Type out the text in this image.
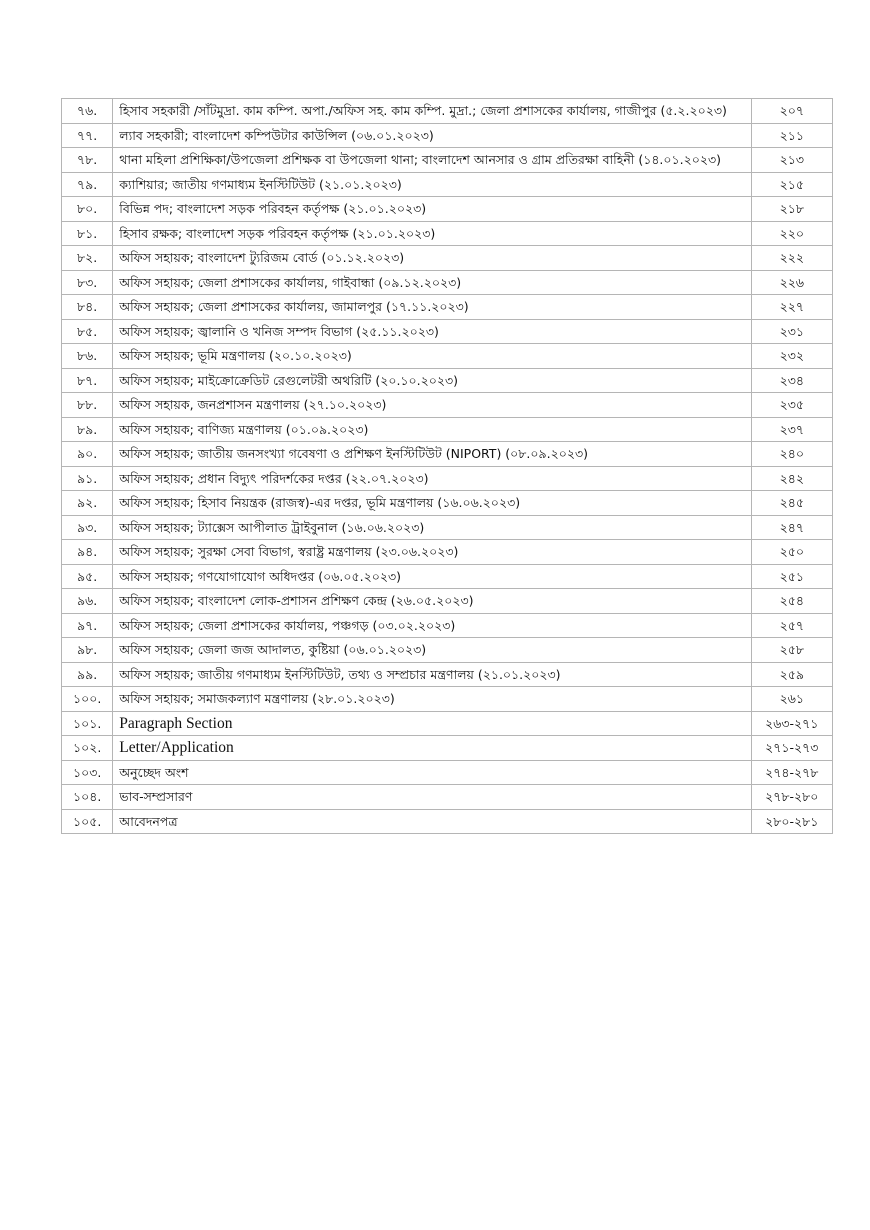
৭৬.	হিসাব সহকারী /সাঁটমুদ্রা. কাম কম্পি. অপা./অফিস সহ. কাম কম্পি. মুদ্রা.; জেলা প্রশাসকের কার্যালয়, গাজীপুর (৫.২.২০২৩)	২০৭
৭৭.	ল্যাব সহকারী; বাংলাদেশ কম্পিউটার কাউন্সিল (০৬.০১.২০২৩)	২১১
৭৮.	থানা মহিলা প্রশিক্ষিকা/উপজেলা প্রশিক্ষক বা উপজেলা থানা; বাংলাদেশ আনসার ও গ্রাম প্রতিরক্ষা বাহিনী (১৪.০১.২০২৩)	২১৩
৭৯.	ক্যাশিয়ার; জাতীয় গণমাধ্যম ইনস্টিটিউট (২১.০১.২০২৩)	২১৫
৮০.	বিভিন্ন পদ; বাংলাদেশ সড়ক পরিবহন কর্তৃপক্ষ (২১.০১.২০২৩)	২১৮
৮১.	হিসাব রক্ষক; বাংলাদেশ সড়ক পরিবহন কর্তৃপক্ষ (২১.০১.২০২৩)	২২০
৮২.	অফিস সহায়ক; বাংলাদেশ ট্যুরিজম বোর্ড (০১.১২.২০২৩)	২২২
৮৩.	অফিস সহায়ক; জেলা প্রশাসকের কার্যালয়, গাইবান্ধা (০৯.১২.২০২৩)	২২৬
৮৪.	অফিস সহায়ক; জেলা প্রশাসকের কার্যালয়, জামালপুর (১৭.১১.২০২৩)	২২৭
৮৫.	অফিস সহায়ক; জ্বালানি ও খনিজ সম্পদ বিভাগ (২৫.১১.২০২৩)	২৩১
৮৬.	অফিস সহায়ক; ভূমি মন্ত্রণালয় (২০.১০.২০২৩)	২৩২
৮৭.	অফিস সহায়ক; মাইক্রোক্রেডিট রেগুলেটরী অথরিটি (২০.১০.২০২৩)	২৩৪
৮৮.	অফিস সহায়ক, জনপ্রশাসন মন্ত্রণালয় (২৭.১০.২০২৩)	২৩৫
৮৯.	অফিস সহায়ক; বাণিজ্য মন্ত্রণালয় (০১.০৯.২০২৩)	২৩৭
৯০.	অফিস সহায়ক; জাতীয় জনসংখ্যা গবেষণা ও প্রশিক্ষণ ইনস্টিটিউট (NIPORT) (০৮.০৯.২০২৩)	২৪০
৯১.	অফিস সহায়ক; প্রধান বিদ্যুৎ পরিদর্শকের দপ্তর (২২.০৭.২০২৩)	২৪২
৯২.	অফিস সহায়ক; হিসাব নিয়ন্ত্রক (রাজস্ব)-এর দপ্তর, ভূমি মন্ত্রণালয় (১৬.০৬.২০২৩)	২৪৫
৯৩.	অফিস সহায়ক; ট্যাক্সেস আপীলাত ট্রাইবুনাল (১৬.০৬.২০২৩)	২৪৭
৯৪.	অফিস সহায়ক; সুরক্ষা সেবা বিভাগ, স্বরাষ্ট্র মন্ত্রণালয় (২৩.০৬.২০২৩)	২৫০
৯৫.	অফিস সহায়ক; গণযোগাযোগ অধিদপ্তর (০৬.০৫.২০২৩)	২৫১
৯৬.	অফিস সহায়ক; বাংলাদেশ লোক-প্রশাসন প্রশিক্ষণ কেন্দ্র (২৬.০৫.২০২৩)	২৫৪
৯৭.	অফিস সহায়ক; জেলা প্রশাসকের কার্যালয়, পঞ্চগড় (০৩.০২.২০২৩)	২৫৭
৯৮.	অফিস সহায়ক; জেলা জজ আদালত, কুষ্টিয়া (০৬.০১.২০২৩)	২৫৮
৯৯.	অফিস সহায়ক; জাতীয় গণমাধ্যম ইনস্টিটিউট, তথ্য ও সম্প্রচার মন্ত্রণালয় (২১.০১.২০২৩)	২৫৯
১০০.	অফিস সহায়ক; সমাজকল্যাণ মন্ত্রণালয় (২৮.০১.২০২৩)	২৬১
১০১.	Paragraph Section	২৬৩-২৭১
১০২.	Letter/Application	২৭১-২৭৩
১০৩.	অনুচ্ছেদ অংশ	২৭৪-২৭৮
১০৪.	ভাব-সম্প্রসারণ	২৭৮-২৮০
১০৫.	আবেদনপত্র	২৮০-২৮১
